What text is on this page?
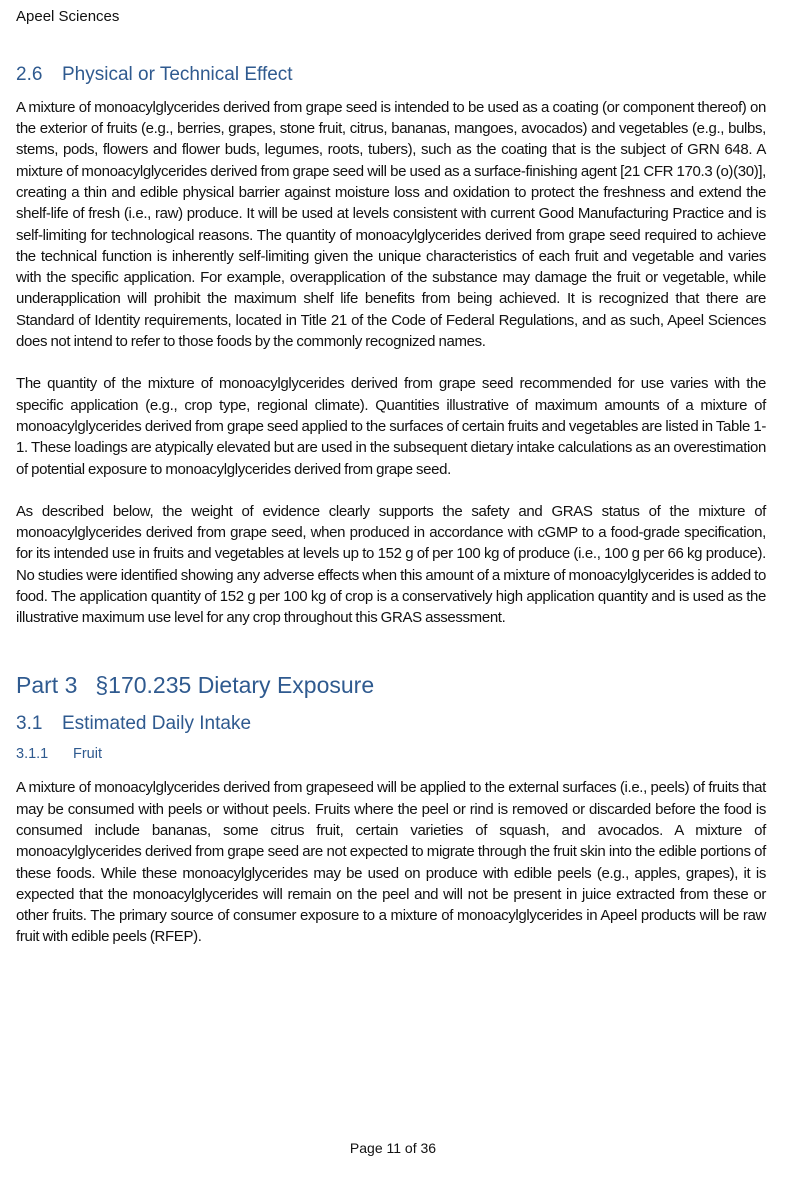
Apeel Sciences
2.6 Physical or Technical Effect

A mixture of monoacylglycerides derived from grape seed is intended to be used as a coating (or component thereof) on the exterior of fruits (e.g., berries, grapes, stone fruit, citrus, bananas, mangoes, avocados) and vegetables (e.g., bulbs, stems, pods, flowers and flower buds, legumes, roots, tubers), such as the coating that is the subject of GRN 648. A mixture of monoacylglycerides derived from grape seed will be used as a surface-finishing agent [21 CFR 170.3 (o)(30)], creating a thin and edible physical barrier against moisture loss and oxidation to protect the freshness and extend the shelf-life of fresh (i.e., raw) produce. It will be used at levels consistent with current Good Manufacturing Practice and is self-limiting for technological reasons. The quantity of monoacylglycerides derived from grape seed required to achieve the technical function is inherently self-limiting given the unique characteristics of each fruit and vegetable and varies with the specific application. For example, overapplication of the substance may damage the fruit or vegetable, while underapplication will prohibit the maximum shelf life benefits from being achieved. It is recognized that there are Standard of Identity requirements, located in Title 21 of the Code of Federal Regulations, and as such, Apeel Sciences does not intend to refer to those foods by the commonly recognized names.

The quantity of the mixture of monoacylglycerides derived from grape seed recommended for use varies with the specific application (e.g., crop type, regional climate). Quantities illustrative of maximum amounts of a mixture of monoacylglycerides derived from grape seed applied to the surfaces of certain fruits and vegetables are listed in Table 1-1. These loadings are atypically elevated but are used in the subsequent dietary intake calculations as an overestimation of potential exposure to monoacylglycerides derived from grape seed.

As described below, the weight of evidence clearly supports the safety and GRAS status of the mixture of monoacylglycerides derived from grape seed, when produced in accordance with cGMP to a food-grade specification, for its intended use in fruits and vegetables at levels up to 152 g of per 100 kg of produce (i.e., 100 g per 66 kg produce). No studies were identified showing any adverse effects when this amount of a mixture of monoacylglycerides is added to food. The application quantity of 152 g per 100 kg of crop is a conservatively high application quantity and is used as the illustrative maximum use level for any crop throughout this GRAS assessment.

Part 3 §170.235 Dietary Exposure
3.1 Estimated Daily Intake
3.1.1 Fruit

A mixture of monoacylglycerides derived from grapeseed will be applied to the external surfaces (i.e., peels) of fruits that may be consumed with peels or without peels. Fruits where the peel or rind is removed or discarded before the food is consumed include bananas, some citrus fruit, certain varieties of squash, and avocados. A mixture of monoacylglycerides derived from grape seed are not expected to migrate through the fruit skin into the edible portions of these foods. While these monoacylglycerides may be used on produce with edible peels (e.g., apples, grapes), it is expected that the monoacylglycerides will remain on the peel and will not be present in juice extracted from these or other fruits. The primary source of consumer exposure to a mixture of monoacylglycerides in Apeel products will be raw fruit with edible peels (RFEP).

Page 11 of 36
